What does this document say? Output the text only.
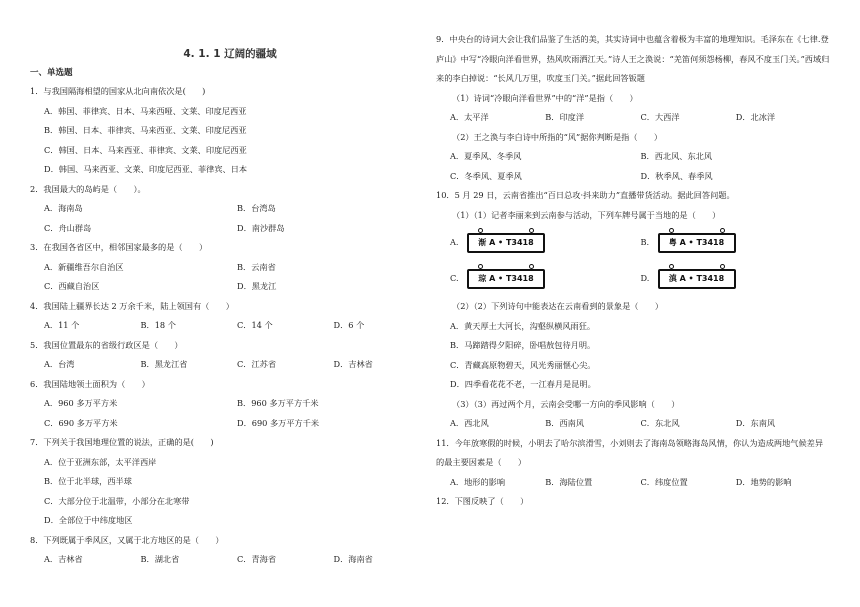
4. 1. 1 辽阔的疆域
一、单选题
1．与我国隔海相望的国家从北向南依次是(　　)
A．韩国、菲律宾、日本、马来西哑、文莱、印度尼西亚
B．韩国、日本、菲律宾、马来西亚、文莱、印度尼西亚
C．韩国、日本、马来西亚、菲律宾、文莱、印度尼西亚
D．韩国、马来西亚、文莱、印度尼西亚、菲律宾、日本
2．我国最大的岛屿是（　　）。
A．海南岛	B．台湾岛
C．舟山群岛	D．南沙群岛
3．在我国各省区中，相邻国家最多的是（　　）
A．新疆维吾尔自治区	B．云南省
C．西藏自治区	D．黑龙江
4．我国陆上疆界长达 2 万余千米，陆上领国有（　　）
A．11 个	B．18 个	C．14 个	D．6 个
5．我国位置最东的省级行政区是（　　）
A．台湾	B．黑龙江省	C．江苏省	D．吉林省
6．我国陆地领土面积为（　　）
A．960 多万平方米	B．960 多万平方千米
C．690 多万平方米	D．690 多万平方千米
7．下列关于我国地理位置的说法，正确的是(　　)
A．位于亚洲东部，太平洋西岸
B．位于北半球，西半球
C．大部分位于北温带，小部分在北寒带
D．全部位于中纬度地区
8．下列既属于季风区，又属于北方地区的是（　　）
A．吉林省	B．湖北省	C．青海省	D．海南省
9．中央台的诗词大会让我们品鉴了生活的美，其实诗词中也蕴含着极为丰富的地理知识。毛泽东在《七律.登庐山》中写“冷眼向洋看世界，热风吹雨洒江天。”诗人王之涣说：“羌笛何须怨杨柳，春风不度玉门关。”西域归来的李白掉说：“长风几万里，吹度玉门关。”据此回答钣题
（1）诗词“冷眼向洋看世界”中的“洋”是指（　　）
A．太平洋	B．印度洋	C．大西洋	D．北冰洋
（2）王之涣与李白诗中所指的“风”据你判断是指（　　）
A．夏季风、冬季风	B．西北风、东北风
C．冬季风、夏季风	D．秋季风、春季风
10．5 月 29 日，云南省推出“百日总攻·抖来助力”直播带货活动。据此回答问题。
（1）（1）记者李丽来到云南参与活动，下列车牌号属于当地的是（　　）
A.	渐 A • T3418	B.	粤 A • T3418
C.	琼 A • T3418	D.	滇 A • T3418
（2）（2）下列诗句中能表达在云南看到的景象是（　　）
A．黄天厚土大河长，沟壑纵横风雨狂。
B．马蹄踏得夕阳碎，卧唱敖包待月明。
C．青藏高原物碧天，风光秀丽惬心尖。
D．四季看花花不老，一江春月是昆明。
（3）（3）再过两个月，云南会受哪一方向的季风影响（　　）
A．西北风	B．西南风	C．东北风	D．东南风
11．今年放寒假的时候，小明去了哈尔滨滑雪，小刘则去了海南岛领略海岛风情，你认为造成两地气候差异的最主要因素是（　　）
A．地形的影响	B．海陆位置	C．纬度位置	D．地势的影响
12．下图反映了（　　）
